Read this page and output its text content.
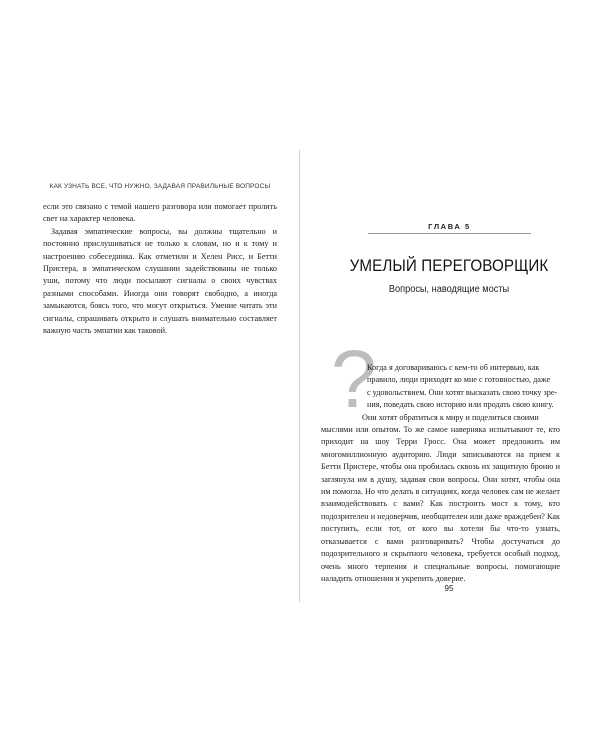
КАК УЗНАТЬ ВСЕ, ЧТО НУЖНО, ЗАДАВАЯ ПРАВИЛЬНЫЕ ВОПРОСЫ

если это связано с темой нашего разговора или помогает пролить свет на характер человека.

Задавая эмпатические вопросы, вы должны тщательно и постоянно прислушиваться не только к словам, но и к тому и настроению собеседника. Как отметили и Хелен Рисс, и Бетти Пристера, в эмпатическом слушании задействованы не только уши, потому что люди посылают сигналы о своих чувствах разными способами. Иногда они говорят свободно, а иногда замыкаются, боясь того, что могут открыться. Умение читать эти сигналы, спрашивать открыто и слушать внимательно составляет важную часть эмпатии как таковой.

ГЛАВА 5
УМЕЛЫЙ ПЕРЕГОВОРЩИК
Вопросы, наводящие мосты
?

Когда я договариваюсь с кем-то об интервью, как

правило, люди приходят ко мне с готовностью, даже

с удовольствием. Они хотят высказать свою точку зре-

ния, поведать свою историю или продать свою книгу.

Они хотят обратиться к миру и поделиться своими

мыслями или опытом. То же самое наверняка испытывают те, кто приходит на шоу Терри Гросс. Она может предложить им многомиллионную аудиторию. Люди записываются на прием к Бетти Пристере, чтобы она пробилась сквозь их защитную броню и заглянула им в душу, задавая свои вопросы. Они хотят, чтобы она им помогла. Но что делать в ситуациях, когда человек сам не желает взаимодействовать с вами? Как построить мост к тому, кто подозрителен и недоверчив, необщителен или даже враждебен? Как поступить, если тот, от кого вы хотели бы что-то узнать, отказывается с вами разговаривать? Чтобы достучаться до подозрительного и скрытного человека, требуется особый подход, очень много терпения и специальные вопросы, помогающие наладить отношения и укрепить доверие.

95
